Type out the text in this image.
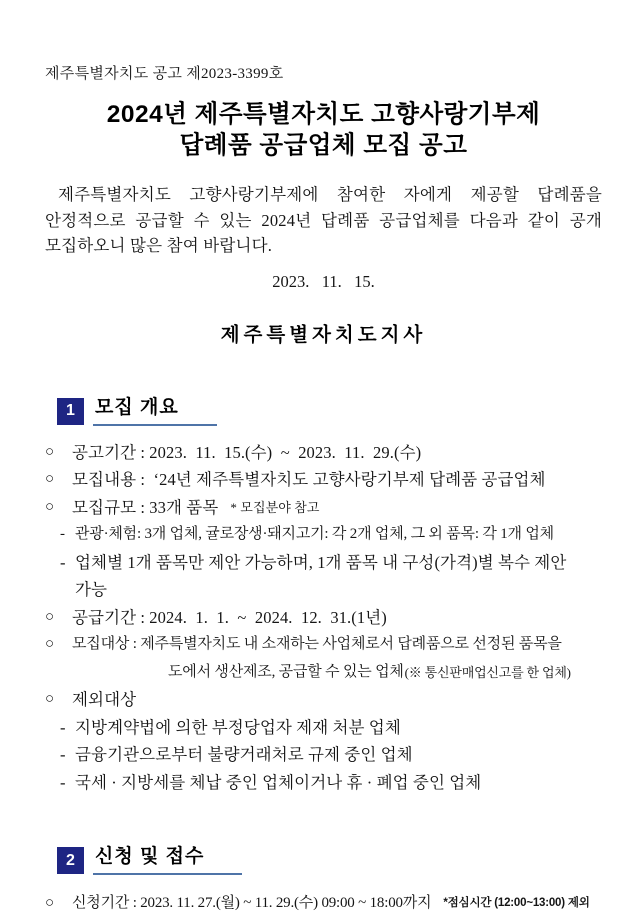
제주특별자치도 공고 제2023-3399호
2024년 제주특별자치도 고향사랑기부제
답례품 공급업체 모집 공고
제주특별자치도 고향사랑기부제에 참여한 자에게 제공할 답례품을 안정적으로 공급할 수 있는 2024년 답례품 공급업체를 다음과 같이 공개 모집하오니 많은 참여 바랍니다.
2023.   11.   15.
제주특별자치도지사
1	모집 개요
○	공고기간 : 2023.  11.  15.(수)  ~  2023.  11.  29.(수)
○	모집내용 :  ‘24년 제주특별자치도 고향사랑기부제 답례품 공급업체
○	모집규모 : 33개 품목 * 모집분야 참고
- 관광·체험: 3개 업체, 귤로장생·돼지고기: 각 2개 업체, 그 외 품목: 각 1개 업체
- 업체별 1개 품목만 제안 가능하며, 1개 품목 내 구성(가격)별 복수 제안 가능
○	공급기간 : 2024.  1.  1.  ~  2024.  12.  31.(1년)
○	모집대상 : 제주특별자치도 내 소재하는 사업체로서 답례품으로 선정된 품목을
도에서 생산제조, 공급할 수 있는 업체 (※ 통신판매업신고를 한 업체)
○	제외대상
- 지방계약법에 의한 부정당업자 제재 처분 업체
- 금융기관으로부터 불량거래처로 규제 중인 업체
- 국세 · 지방세를 체납 중인 업체이거나 휴 · 폐업 중인 업체
2	신청 및 접수
○	신청기간 : 2023. 11. 27.(월) ~ 11. 29.(수) 09:00 ~ 18:00까지 *점심시간 (12:00~13:00) 제외
